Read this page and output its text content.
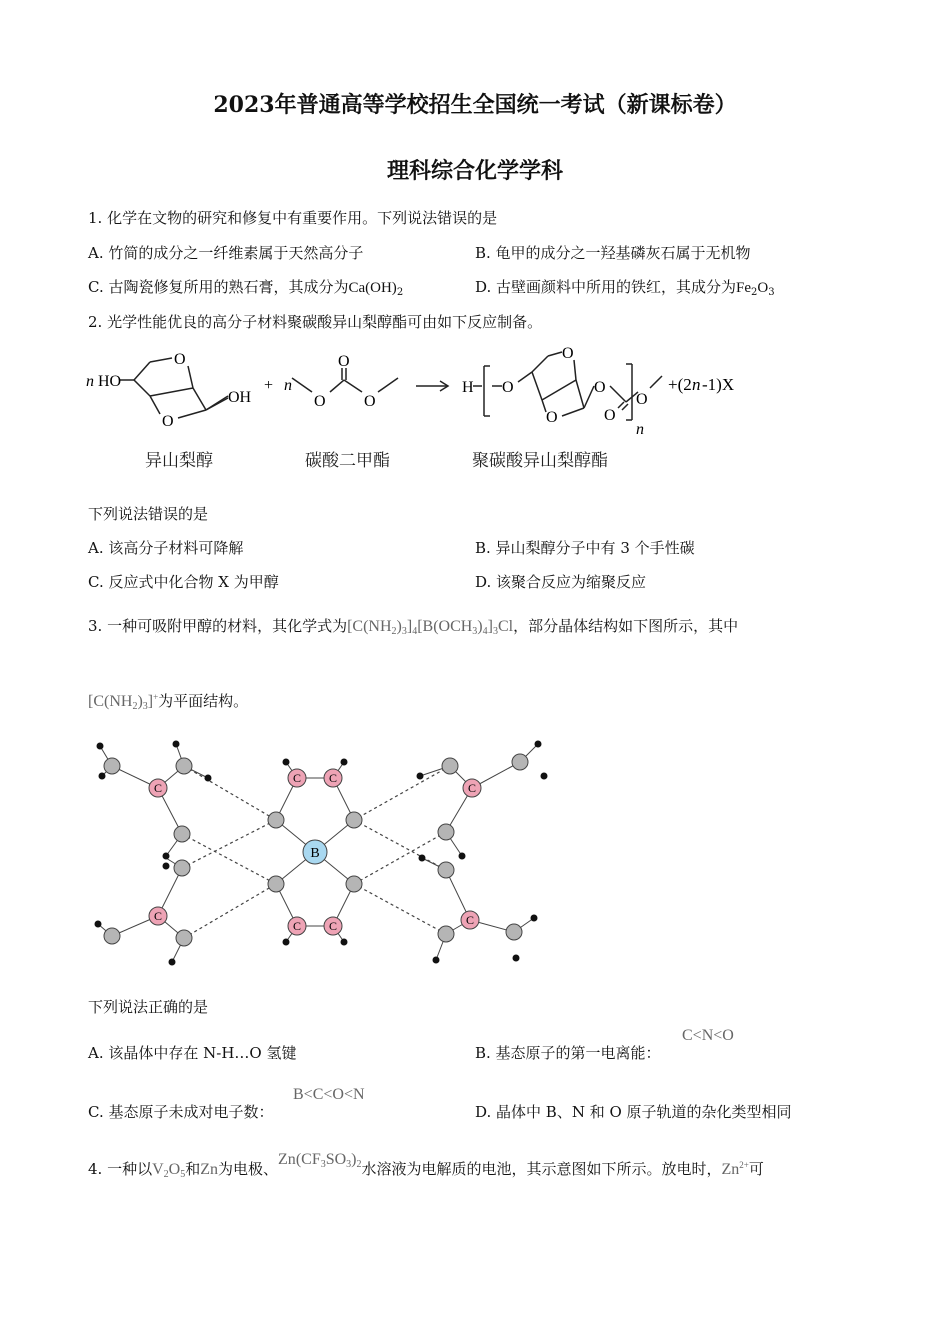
2023年普通高等学校招生全国统一考试（新课标卷）
理科综合化学学科
1. 化学在文物的研究和修复中有重要作用。下列说法错误的是
A. 竹简的成分之一纤维素属于天然高分子	B. 龟甲的成分之一羟基磷灰石属于无机物
C. 古陶瓷修复所用的熟石膏，其成分为$Ca(OH)_2$	D. 古壁画颜料中所用的铁红，其成分为$Fe_2O_3$
2. 光学性能优良的高分子材料聚碳酸异山梨醇酯可由如下反应制备。
n HO
O
O
OH
+ n
O
O
O
H O
O
O
O
O
O
n
+(2 n -1)X
异山梨醇	碳酸二甲酯	聚碳酸异山梨醇酯
下列说法错误的是
A. 该高分子材料可降解	B. 异山梨醇分子中有 3 个手性碳
C. 反应式中化合物 X 为甲醇	D. 该聚合反应为缩聚反应
3. 一种可吸附甲醇的材料，其化学式为$[C(NH_2)_3]_4[B(OCH_3)_4]_3Cl$，部分晶体结构如下图所示，其中
$[C(NH_2)_3]^+$为平面结构。
C
C
C
C
C C
C C
B
下列说法正确的是
A. 该晶体中存在 N-H…O 氢键	B. 基态原子的第一电离能：
C<N<O
C. 基态原子未成对电子数：
B<C<O<N
D. 晶体中 B、N 和 O 原子轨道的杂化类型相同
4. 一种以$V_2O_5$和Zn为电极、$Zn(CF_3SO_3)_2$水溶液为电解质的电池，其示意图如下所示。放电时，$Zn^{2+}$可
